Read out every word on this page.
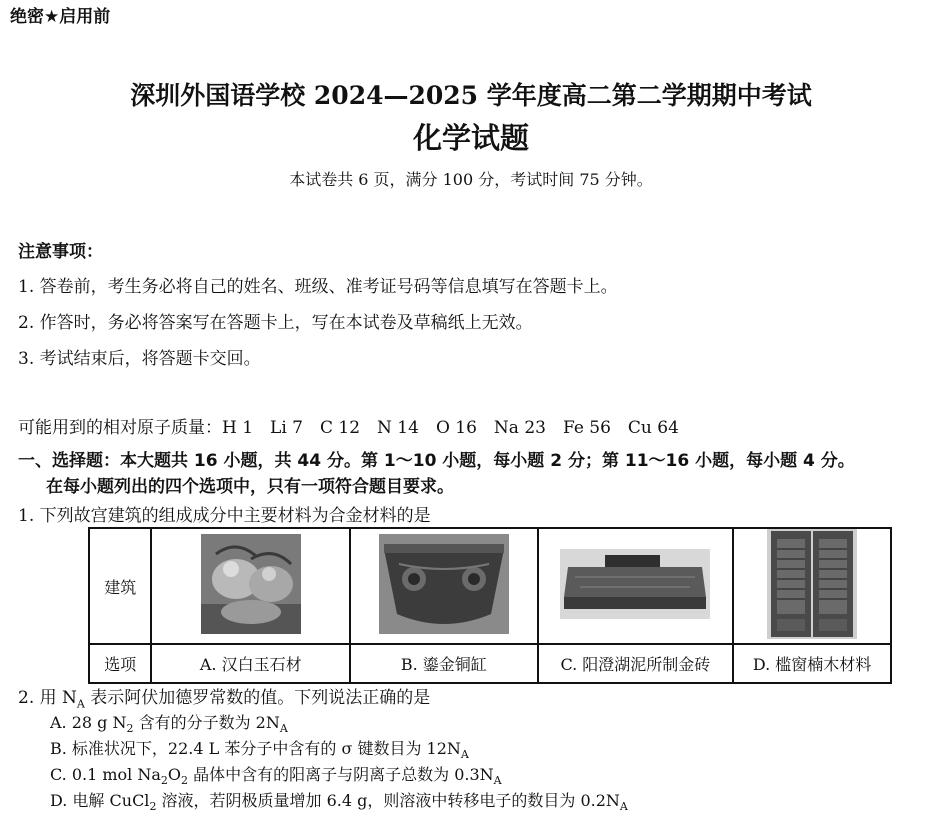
绝密★启用前
深圳外国语学校 2024—2025 学年度高二第二学期期中考试
化学试题
本试卷共 6 页，满分 100 分，考试时间 75 分钟。
注意事项：
1. 答卷前，考生务必将自己的姓名、班级、准考证号码等信息填写在答题卡上。
2. 作答时，务必将答案写在答题卡上，写在本试卷及草稿纸上无效。
3. 考试结束后，将答题卡交回。
可能用到的相对原子质量：H 1　Li 7　C 12　N 14　O 16　Na 23　Fe 56　Cu 64
一、选择题：本大题共 16 小题，共 44 分。第 1～10 小题，每小题 2 分；第 11～16 小题，每小题 4 分。
在每小题列出的四个选项中，只有一项符合题目要求。
1. 下列故宫建筑的组成成分中主要材料为合金材料的是
建筑				
选项	A. 汉白玉石材	B. 鎏金铜缸	C. 阳澄湖泥所制金砖	D. 槛窗楠木材料
2. 用 $N_A$ 表示阿伏加德罗常数的值。下列说法正确的是
A. 28 g $N_2$ 含有的分子数为 $2N_A$
B. 标准状况下，22.4 L 苯分子中含有的 σ 键数目为 $12N_A$
C. 0.1 mol $Na_2O_2$ 晶体中含有的阳离子与阴离子总数为 $0.3N_A$
D. 电解 CuCl$_2$ 溶液，若阴极质量增加 6.4 g，则溶液中转移电子的数目为 $0.2N_A$
